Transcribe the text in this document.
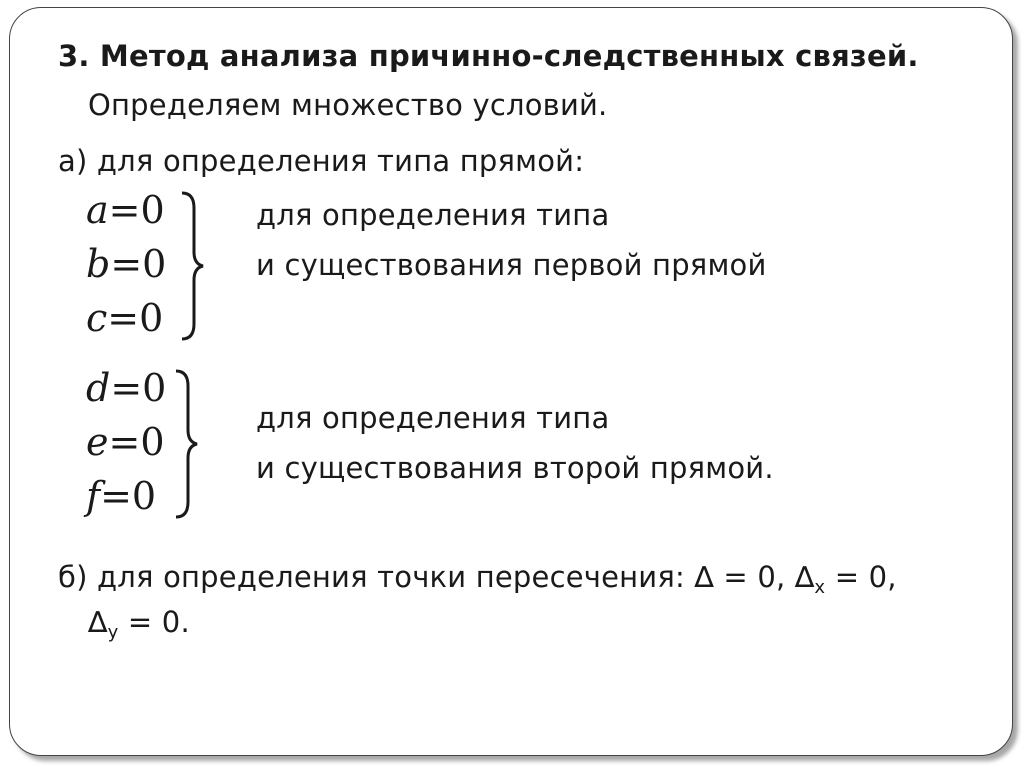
3. Метод анализа причинно-следственных связей.
Определяем множество условий.
а) для определения типа прямой:
a=0
b=0
c=0
для определения типа
и существования первой прямой
d=0
e=0
f=0
для определения типа
и существования второй прямой.
б) для определения точки пересечения: ∆ = 0, $\Delta_x = 0$,
$\Delta_y = 0$.
